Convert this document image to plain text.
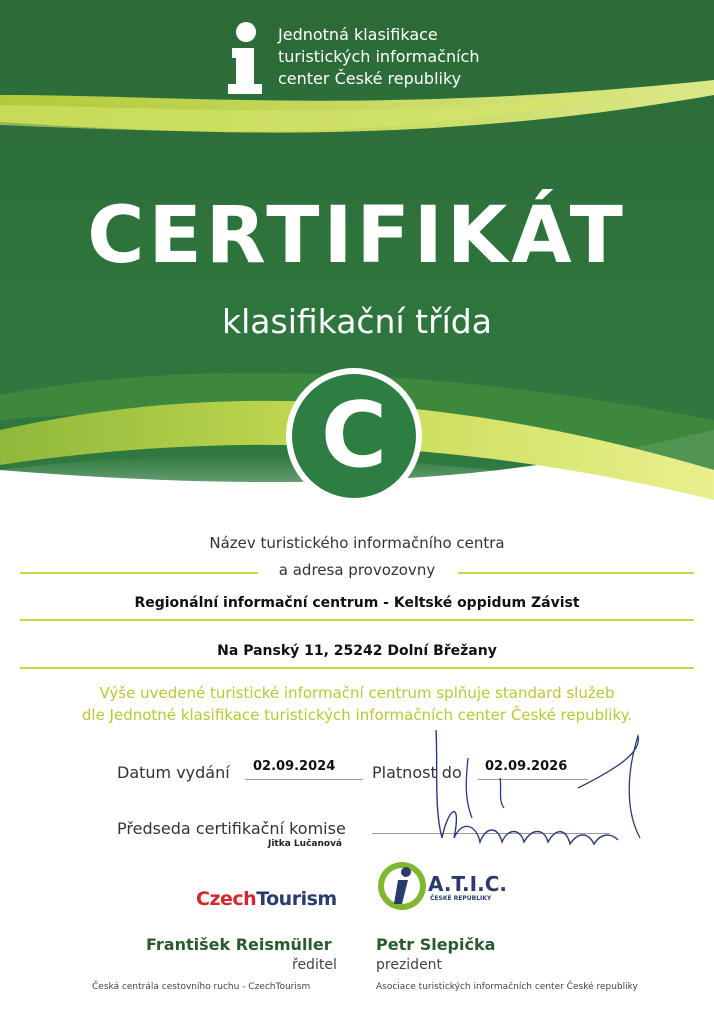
Jednotná klasifikace
turistických informačních
center České republiky
CERTIFIKÁT
klasifikační třída
C
Název turistického informačního centra
a adresa provozovny
Regionální informační centrum - Keltské oppidum Závist
Na Panský 11, 25242 Dolní Břežany
Výše uvedené turistické informační centrum splňuje standard služeb
dle Jednotné klasifikace turistických informačních center České republiky.
Datum vydání 02.09.2024 Platnost do 02.09.2026
Předseda certifikační komise
Jitka Lučanová
CzechTourism
A.T.I.C.
ČESKÉ REPUBLIKY
František Reismüller
ředitel
Česká centrála cestovního ruchu - CzechTourism
Petr Slepička
prezident
Asociace turistických informačních center České republiky
